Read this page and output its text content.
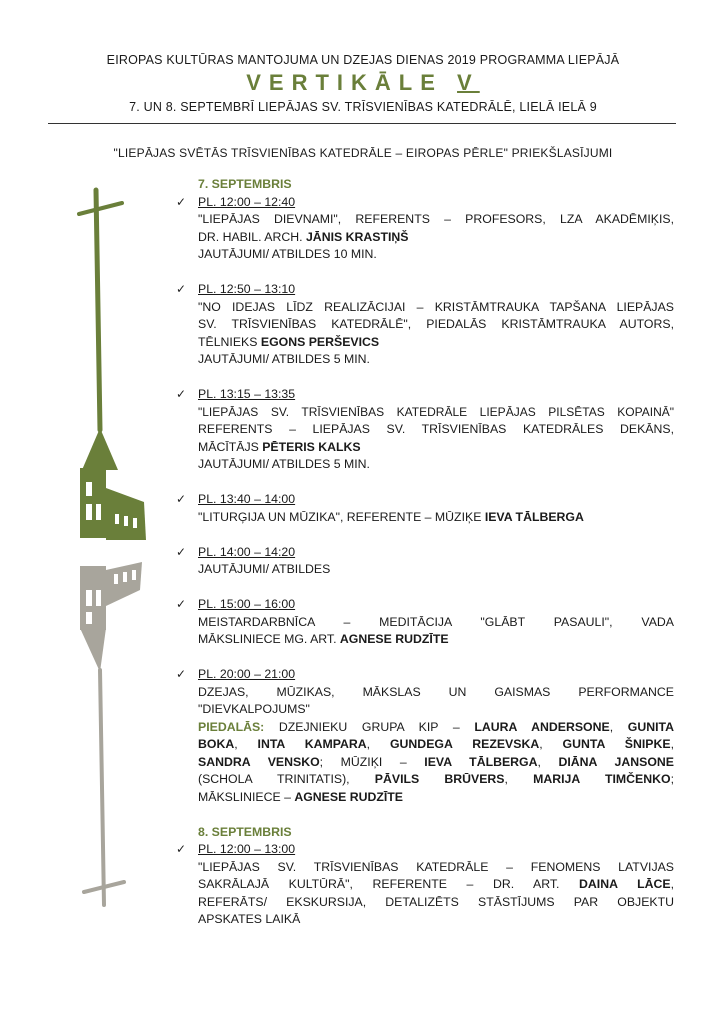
EIROPAS KULTŪRAS MANTOJUMA UN DZEJAS DIENAS 2019 PROGRAMMA LIEPĀJĀ
VERTIKĀLE V
7. UN 8. SEPTEMBRĪ LIEPĀJAS SV. TRĪSVIENĪBAS KATEDRĀLĒ, LIELĀ IELĀ 9
"LIEPĀJAS SVĒTĀS TRĪSVIENĪBAS KATEDRĀLE – EIROPAS PĒRLE" PRIEKŠLASĪJUMI
7. SEPTEMBRIS
✓ PL. 12:00 – 12:40
"LIEPĀJAS DIEVNAMI", REFERENTS – PROFESORS, LZA AKADĒMIĶIS,
DR. HABIL. ARCH. JĀNIS KRASTIŅŠ
JAUTĀJUMI/ ATBILDES 10 MIN.
✓ PL. 12:50 – 13:10
"NO IDEJAS LĪDZ REALIZĀCIJAI – KRISTĀMTRAUKA TAPŠANA LIEPĀJAS
SV. TRĪSVIENĪBAS KATEDRĀLĒ", PIEDALĀS KRISTĀMTRAUKA AUTORS,
TĒLNIEKS EGONS PERŠEVICS
JAUTĀJUMI/ ATBILDES 5 MIN.
✓ PL. 13:15 – 13:35
"LIEPĀJAS SV. TRĪSVIENĪBAS KATEDRĀLE LIEPĀJAS PILSĒTAS KOPAINĀ"
REFERENTS – LIEPĀJAS SV. TRĪSVIENĪBAS KATEDRĀLES DEKĀNS,
MĀCĪTĀJS PĒTERIS KALKS
JAUTĀJUMI/ ATBILDES 5 MIN.
✓ PL. 13:40 – 14:00
"LITURĢIJA UN MŪZIKA", REFERENTE – MŪZIĶE IEVA TĀLBERGA
✓ PL. 14:00 – 14:20
JAUTĀJUMI/ ATBILDES
✓ PL. 15:00 – 16:00
MEISTARDARBNĪCA – MEDITĀCIJA "GLĀBT PASAULI", VADA
MĀKSLINIECE MG. ART. AGNESE RUDZĪTE
✓ PL. 20:00 – 21:00
DZEJAS, MŪZIKAS, MĀKSLAS UN GAISMAS PERFORMANCE
"DIEVKALPOJUMS"
PIEDALĀS: DZEJNIEKU GRUPA KIP – LAURA ANDERSONE, GUNITA
BOKA, INTA KAMPARA, GUNDEGA REZEVSKA, GUNTA ŠNIPKE,
SANDRA VENSKO; MŪZIĶI – IEVA TĀLBERGA, DIĀNA JANSONE
(SCHOLA TRINITATIS), PĀVILS BRŪVERS, MARIJA TIMČENKO;
MĀKSLINIECE – AGNESE RUDZĪTE
8. SEPTEMBRIS
✓ PL. 12:00 – 13:00
"LIEPĀJAS SV. TRĪSVIENĪBAS KATEDRĀLE – FENOMENS LATVIJAS
SAKRĀLAJĀ KULTŪRĀ", REFERENTE – DR. ART. DAINA LĀCE,
REFERĀTS/ EKSKURSIJA, DETALIZĒTS STĀSTĪJUMS PAR OBJEKTU
APSKATES LAIKĀ
